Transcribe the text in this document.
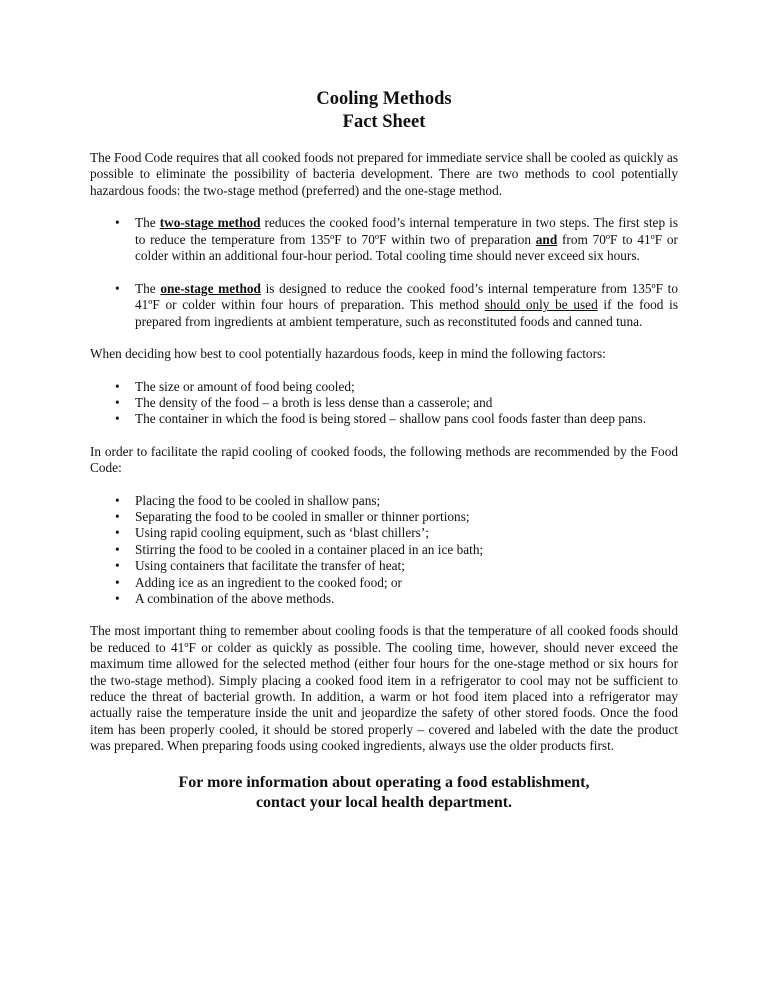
Cooling Methods
Fact Sheet

The Food Code requires that all cooked foods not prepared for immediate service shall be cooled as quickly as possible to eliminate the possibility of bacteria development. There are two methods to cool potentially hazardous foods: the two-stage method (preferred) and the one-stage method.

• The two-stage method reduces the cooked food’s internal temperature in two steps. The first step is to reduce the temperature from 135ºF to 70ºF within two of preparation and from 70ºF to 41ºF or colder within an additional four-hour period. Total cooling time should never exceed six hours.
• The one-stage method is designed to reduce the cooked food’s internal temperature from 135ºF to 41ºF or colder within four hours of preparation. This method should only be used if the food is prepared from ingredients at ambient temperature, such as reconstituted foods and canned tuna.

When deciding how best to cool potentially hazardous foods, keep in mind the following factors:

• The size or amount of food being cooled;
• The density of the food – a broth is less dense than a casserole; and
• The container in which the food is being stored – shallow pans cool foods faster than deep pans.

In order to facilitate the rapid cooling of cooked foods, the following methods are recommended by the Food Code:

• Placing the food to be cooled in shallow pans;
• Separating the food to be cooled in smaller or thinner portions;
• Using rapid cooling equipment, such as ‘blast chillers’;
• Stirring the food to be cooled in a container placed in an ice bath;
• Using containers that facilitate the transfer of heat;
• Adding ice as an ingredient to the cooked food; or
• A combination of the above methods.

The most important thing to remember about cooling foods is that the temperature of all cooked foods should be reduced to 41ºF or colder as quickly as possible. The cooling time, however, should never exceed the maximum time allowed for the selected method (either four hours for the one-stage method or six hours for the two-stage method). Simply placing a cooked food item in a refrigerator to cool may not be sufficient to reduce the threat of bacterial growth. In addition, a warm or hot food item placed into a refrigerator may actually raise the temperature inside the unit and jeopardize the safety of other stored foods. Once the food item has been properly cooled, it should be stored properly – covered and labeled with the date the product was prepared. When preparing foods using cooked ingredients, always use the older products first.

For more information about operating a food establishment,
contact your local health department.
